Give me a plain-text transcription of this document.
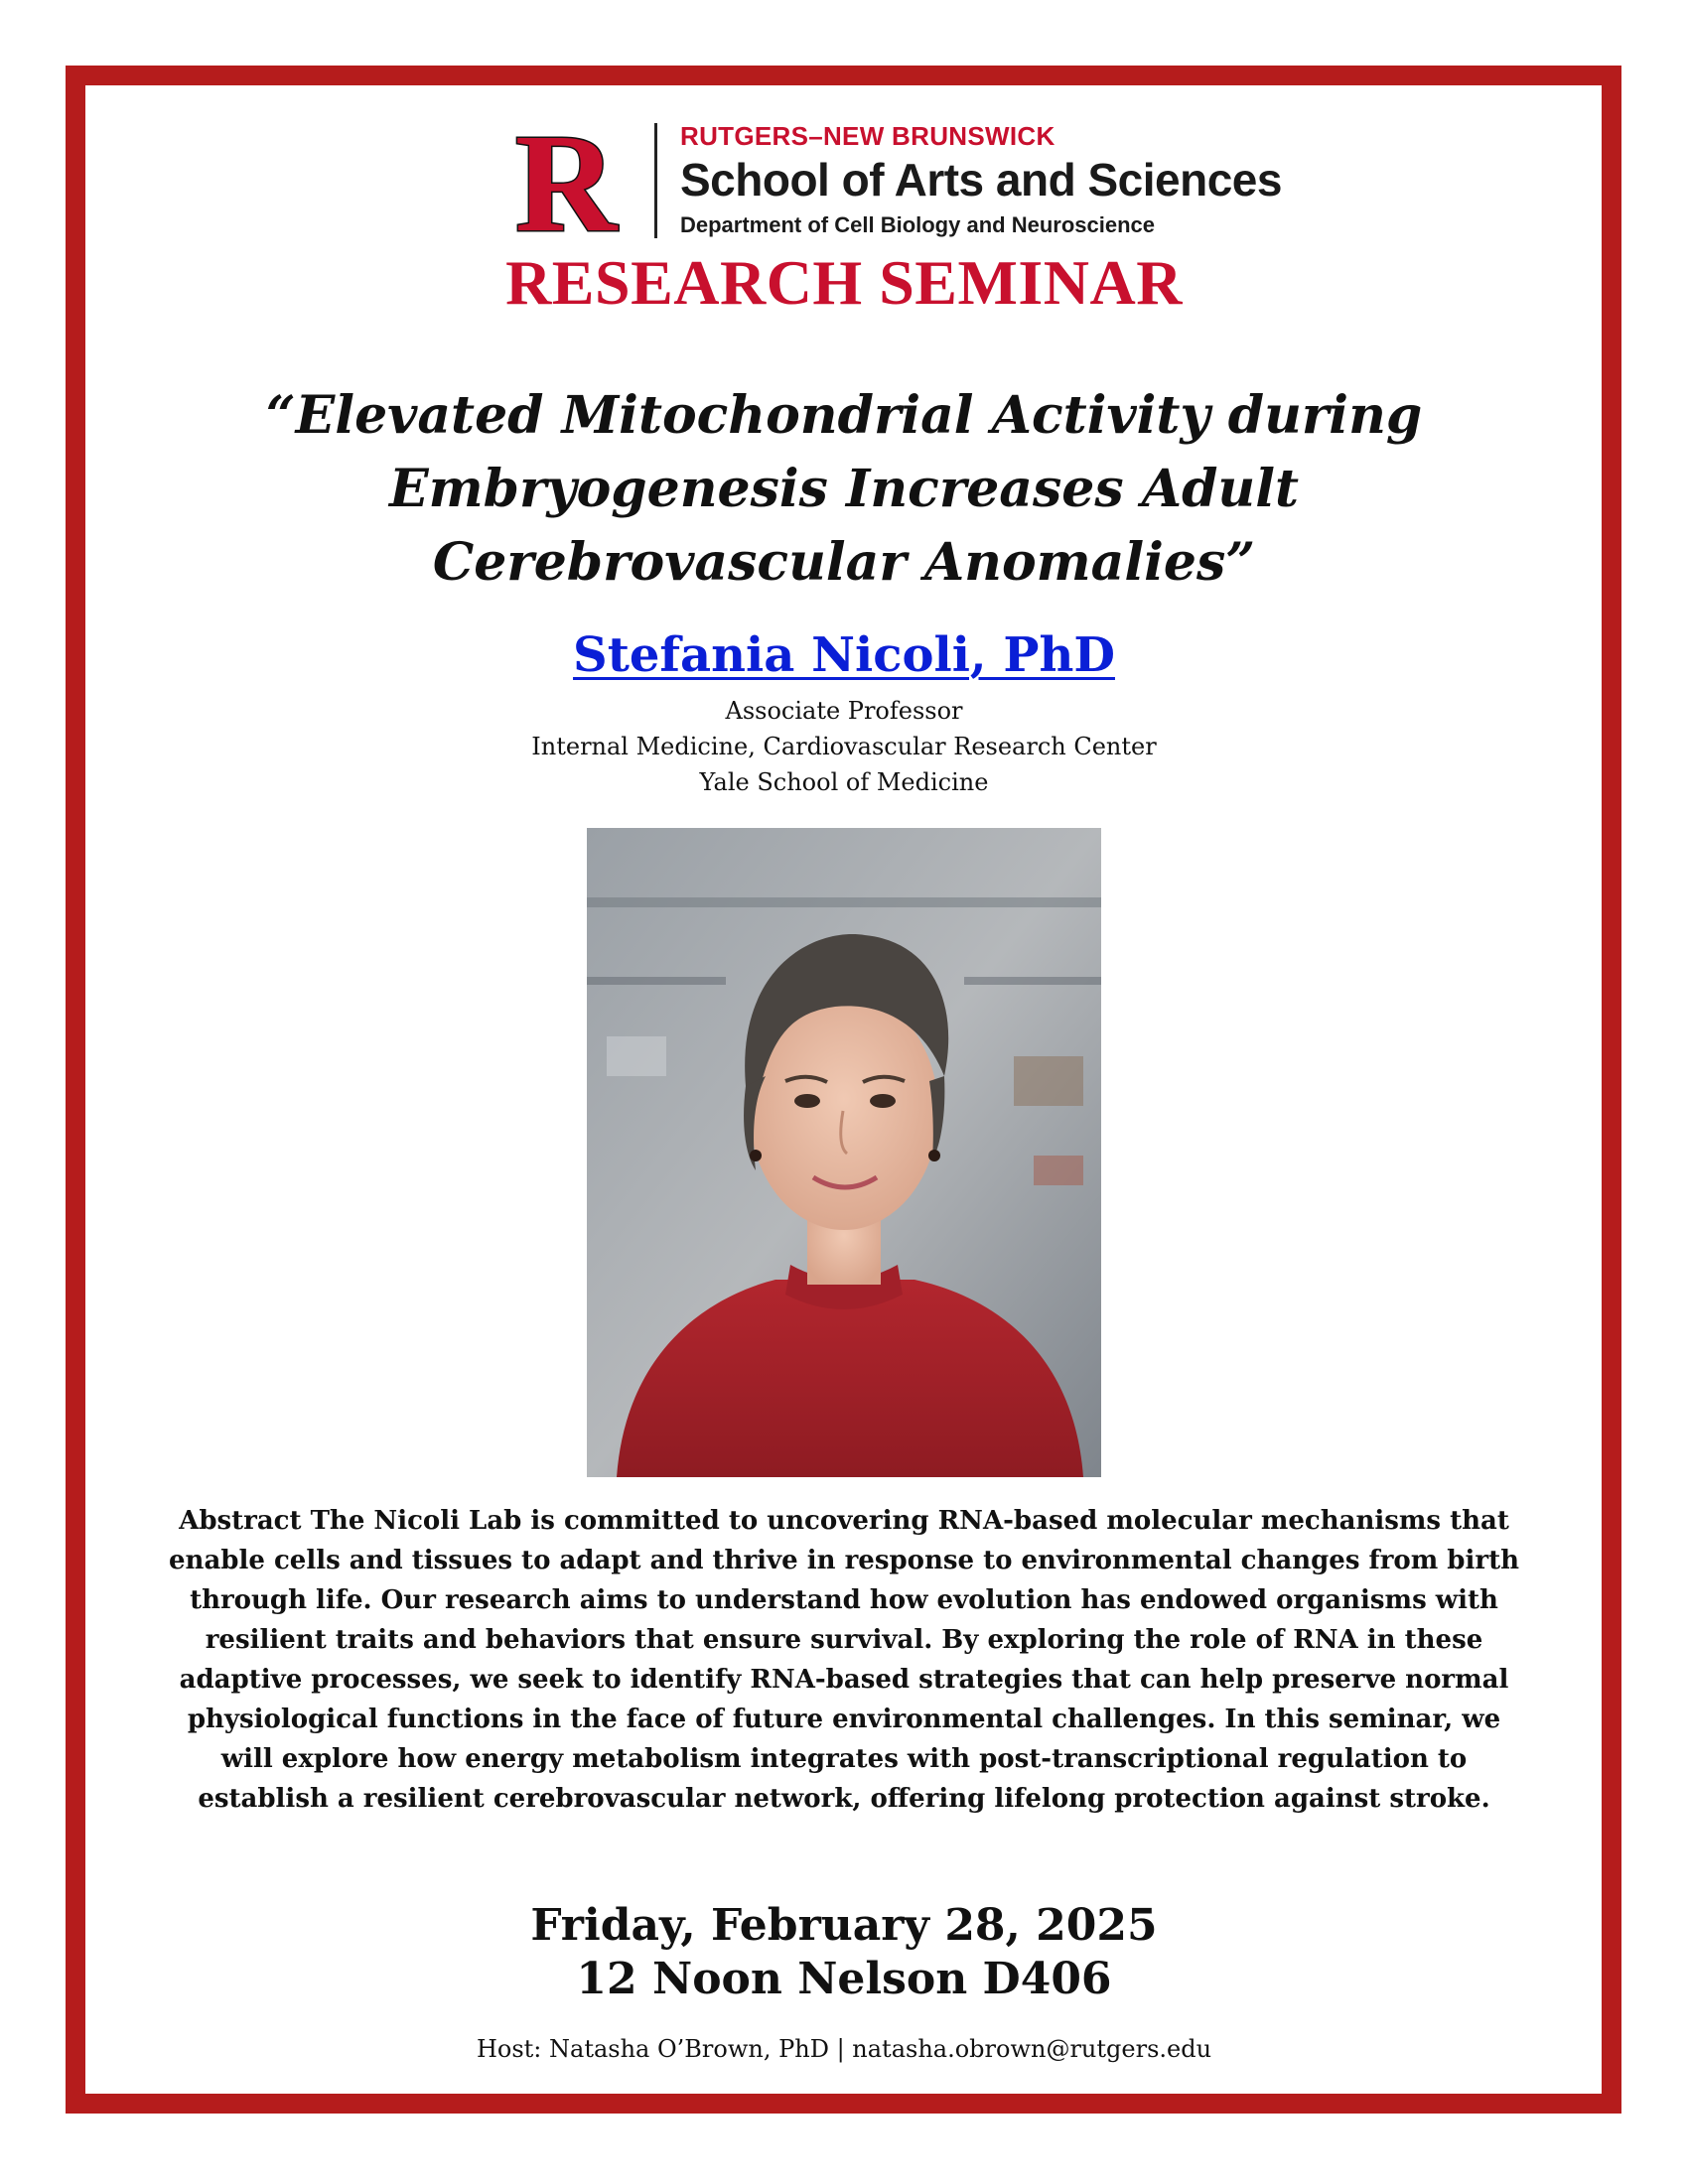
R RUTGERS–NEW BRUNSWICK
School of Arts and Sciences
Department of Cell Biology and Neuroscience
RESEARCH SEMINAR
“Elevated Mitochondrial Activity during
Embryogenesis Increases Adult
Cerebrovascular Anomalies”
Stefania Nicoli, PhD
Associate Professor
Internal Medicine, Cardiovascular Research Center
Yale School of Medicine
Abstract The Nicoli Lab is committed to uncovering RNA-based molecular mechanisms that enable cells and tissues to adapt and thrive in response to environmental changes from birth through life. Our research aims to understand how evolution has endowed organisms with resilient traits and behaviors that ensure survival. By exploring the role of RNA in these adaptive processes, we seek to identify RNA-based strategies that can help preserve normal physiological functions in the face of future environmental challenges. In this seminar, we will explore how energy metabolism integrates with post-transcriptional regulation to establish a resilient cerebrovascular network, offering lifelong protection against stroke.
Friday, February 28, 2025
12 Noon Nelson D406
Host: Natasha O’Brown, PhD | natasha.obrown@rutgers.edu
